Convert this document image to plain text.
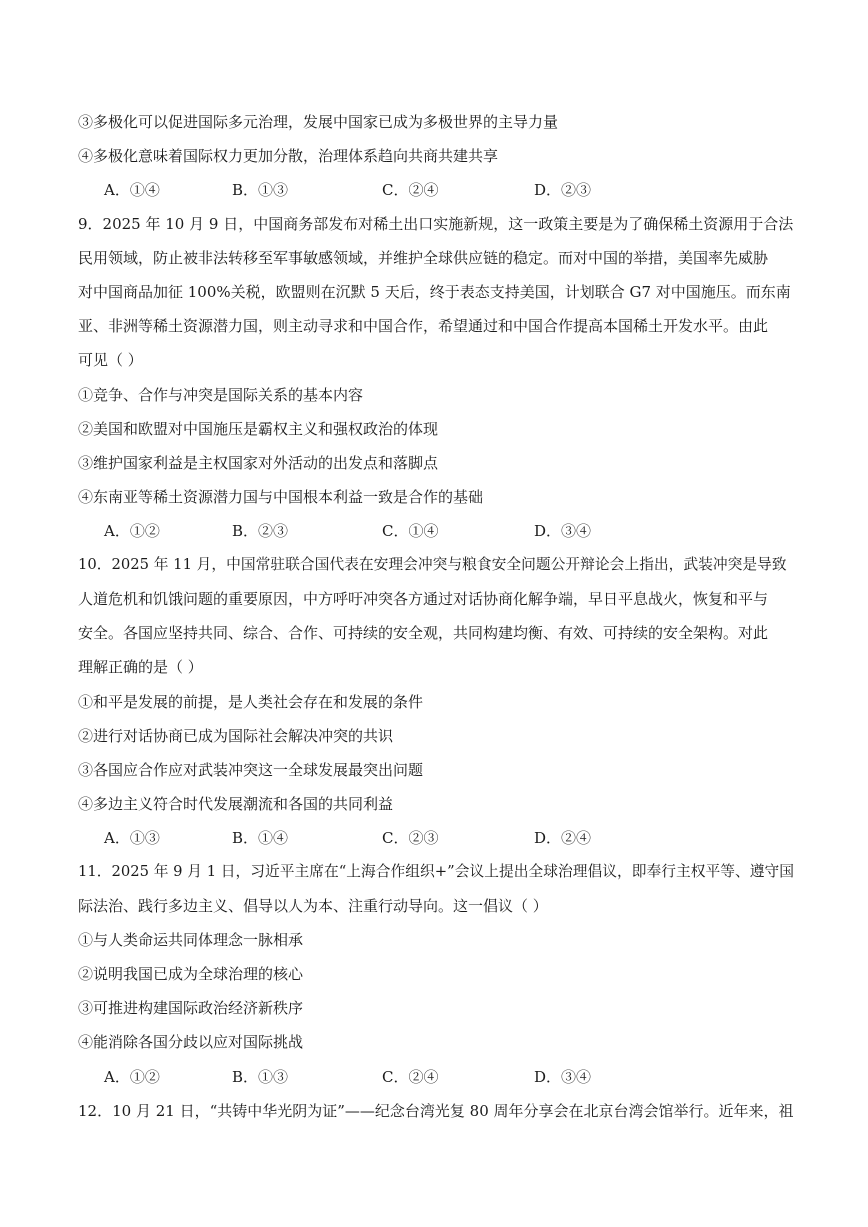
③多极化可以促进国际多元治理，发展中国家已成为多极世界的主导力量
④多极化意味着国际权力更加分散，治理体系趋向共商共建共享
A．①④	B．①③	C．②④	D．②③
9．2025 年 10 月 9 日，中国商务部发布对稀土出口实施新规，这一政策主要是为了确保稀土资源用于合法
民用领域，防止被非法转移至军事敏感领域，并维护全球供应链的稳定。而对中国的举措，美国率先威胁
对中国商品加征 100%关税，欧盟则在沉默 5 天后，终于表态支持美国，计划联合 G7 对中国施压。而东南
亚、非洲等稀土资源潜力国，则主动寻求和中国合作，希望通过和中国合作提高本国稀土开发水平。由此
可见（ ）
①竞争、合作与冲突是国际关系的基本内容
②美国和欧盟对中国施压是霸权主义和强权政治的体现
③维护国家利益是主权国家对外活动的出发点和落脚点
④东南亚等稀土资源潜力国与中国根本利益一致是合作的基础
A．①②	B．②③	C．①④	D．③④
10．2025 年 11 月，中国常驻联合国代表在安理会冲突与粮食安全问题公开辩论会上指出，武装冲突是导致
人道危机和饥饿问题的重要原因，中方呼吁冲突各方通过对话协商化解争端，早日平息战火，恢复和平与
安全。各国应坚持共同、综合、合作、可持续的安全观，共同构建均衡、有效、可持续的安全架构。对此
理解正确的是（ ）
①和平是发展的前提，是人类社会存在和发展的条件
②进行对话协商已成为国际社会解决冲突的共识
③各国应合作应对武装冲突这一全球发展最突出问题
④多边主义符合时代发展潮流和各国的共同利益
A．①③	B．①④	C．②③	D．②④
11．2025 年 9 月 1 日，习近平主席在“上海合作组织+”会议上提出全球治理倡议，即奉行主权平等、遵守国
际法治、践行多边主义、倡导以人为本、注重行动导向。这一倡议（ ）
①与人类命运共同体理念一脉相承
②说明我国已成为全球治理的核心
③可推进构建国际政治经济新秩序
④能消除各国分歧以应对国际挑战
A．①②	B．①③	C．②④	D．③④
12．10 月 21 日，“共铸中华光阴为证”——纪念台湾光复 80 周年分享会在北京台湾会馆举行。近年来，祖
